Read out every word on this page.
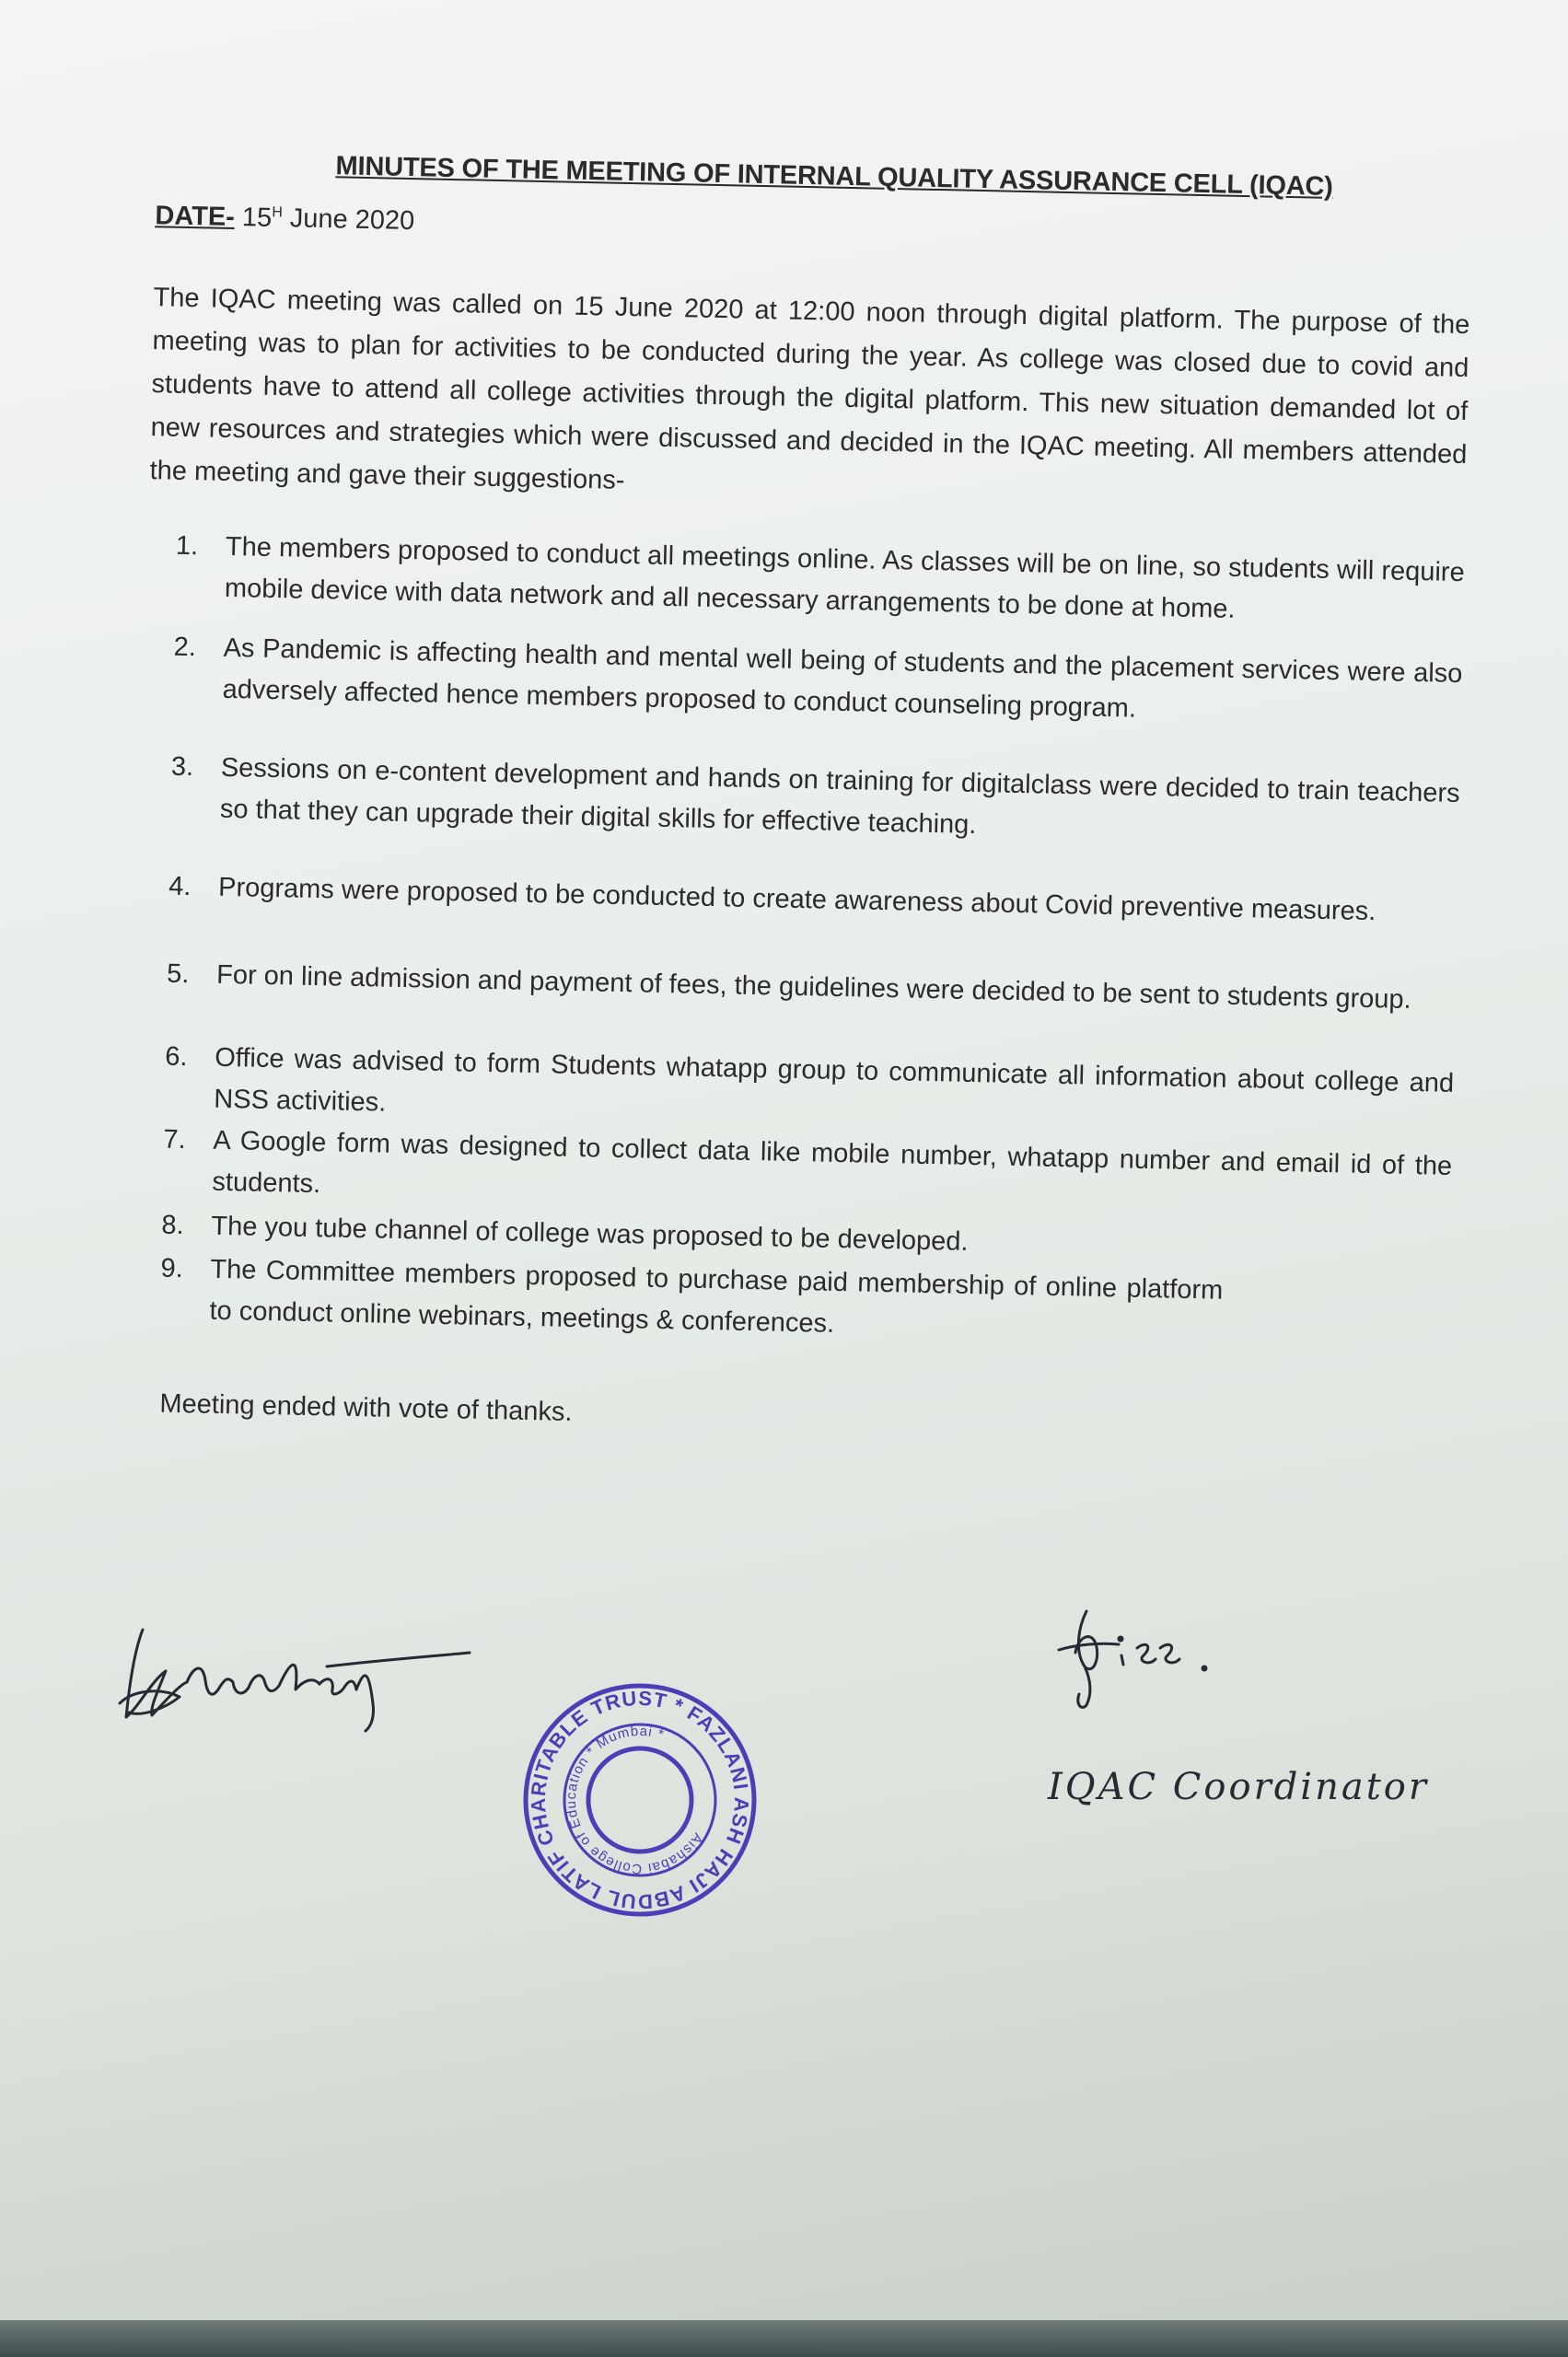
MINUTES OF THE MEETING OF INTERNAL QUALITY ASSURANCE CELL (IQAC)
DATE- $15^H$ June 2020

The IQAC meeting was called on 15 June 2020 at 12:00 noon through digital platform. The purpose of the meeting was to plan for activities to be conducted during the year. As college was closed due to covid and students have to attend all college activities through the digital platform. This new situation demanded lot of new resources and strategies which were discussed and decided in the IQAC meeting. All members attended the meeting and gave their suggestions-

1.	The members proposed to conduct all meetings online. As classes will be on line, so students will require mobile device with data network and all necessary arrangements to be done at home.
2.	As Pandemic is affecting health and mental well being of students and the placement services were also adversely affected hence members proposed to conduct counseling program.
3.	Sessions on e-content development and hands on training for digitalclass were decided to train teachers so that they can upgrade their digital skills for effective teaching.
4.	Programs were proposed to be conducted to create awareness about Covid preventive measures.
5.	For on line admission and payment of fees, the guidelines were decided to be sent to students group.
6.	Office was advised to form Students whatapp group to communicate all information about college and NSS activities.
7.	A Google form was designed to collect data like mobile number, whatapp number and email id of the students.
8.	The you tube channel of college was proposed to be developed.
9.	The Committee members proposed to purchase paid membership of online platform to conduct online webinars, meetings & conferences.
Meeting ended with vote of thanks.
HAJI ABDUL LATIF CHARITABLE TRUST * FAZLANI ASHABAI
Aishabai College of Education * Mumbai *
IQAC Coordinator
